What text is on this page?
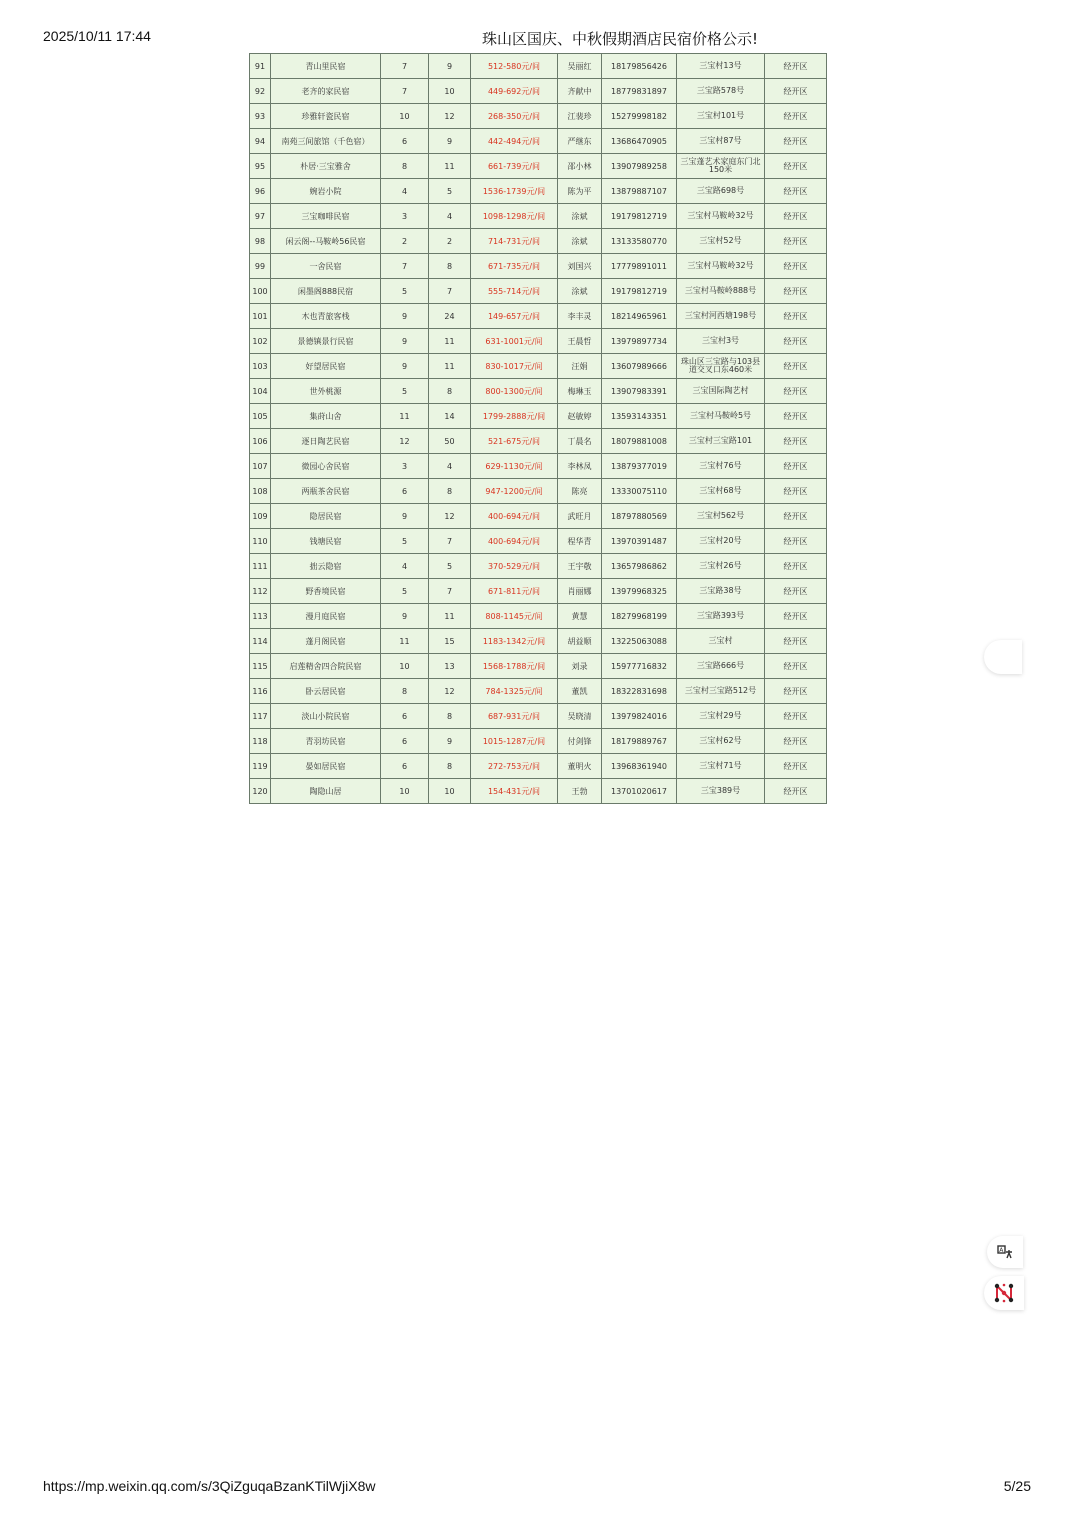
2025/10/11 17:44	珠山区国庆、中秋假期酒店民宿价格公示!
91	青山里民宿	7	9	512-580元/间	吴丽红	18179856426	三宝村13号	经开区
92	老齐的家民宿	7	10	449-692元/间	齐献中	18779831897	三宝路578号	经开区
93	珍雅轩瓷民宿	10	12	268-350元/间	江裴珍	15279998182	三宝村101号	经开区
94	南苑三间旅馆（千色宿）	6	9	442-494元/间	严继东	13686470905	三宝村87号	经开区
95	朴居·三宝雅舍	8	11	661-739元/间	邵小林	13907989258	三宝蓬艺术家庭东门北150米	经开区
96	婉岩小院	4	5	1536-1739元/间	陈为平	13879887107	三宝路698号	经开区
97	三宝咖啡民宿	3	4	1098-1298元/间	涂斌	19179812719	三宝村马鞍岭32号	经开区
98	闲云阁--马鞍岭56民宿	2	2	714-731元/间	涂斌	13133580770	三宝村52号	经开区
99	一舍民宿	7	8	671-735元/间	刘国兴	17779891011	三宝村马鞍岭32号	经开区
100	闲墨阁888民宿	5	7	555-714元/间	涂斌	19179812719	三宝村马鞍岭888号	经开区
101	木也青旅客栈	9	24	149-657元/间	李丰灵	18214965961	三宝村河西塘198号	经开区
102	景德镇景行民宿	9	11	631-1001元/间	王晨哲	13979897734	三宝村3号	经开区
103	好望居民宿	9	11	830-1017元/间	汪娟	13607989666	珠山区三宝路与103县道交叉口东460米	经开区
104	世外桃源	5	8	800-1300元/间	梅琳玉	13907983391	三宝国际陶艺村	经开区
105	集莳山舍	11	14	1799-2888元/间	赵敏婷	13593143351	三宝村马鞍岭5号	经开区
106	逐日陶艺民宿	12	50	521-675元/间	丁晨名	18079881008	三宝村三宝路101	经开区
107	微园心舍民宿	3	4	629-1130元/间	李林凤	13879377019	三宝村76号	经开区
108	两瓶茶舍民宿	6	8	947-1200元/间	陈亮	13330075110	三宝村68号	经开区
109	隐居民宿	9	12	400-694元/间	武旺月	18797880569	三宝村562号	经开区
110	钱塘民宿	5	7	400-694元/间	程华青	13970391487	三宝村20号	经开区
111	拙云隐宿	4	5	370-529元/间	王宇敬	13657986862	三宝村26号	经开区
112	野香境民宿	5	7	671-811元/间	肖丽娜	13979968325	三宝路38号	经开区
113	漫月庭民宿	9	11	808-1145元/间	黄慧	18279968199	三宝路393号	经开区
114	蓬月阁民宿	11	15	1183-1342元/间	胡益顺	13225063088	三宝村	经开区
115	启莲精舍四合院民宿	10	13	1568-1788元/间	刘录	15977716832	三宝路666号	经开区
116	卧云居民宿	8	12	784-1325元/间	董凯	18322831698	三宝村三宝路512号	经开区
117	淡山小院民宿	6	8	687-931元/间	吴晓清	13979824016	三宝村29号	经开区
118	青羽坊民宿	6	9	1015-1287元/间	付剑锋	18179889767	三宝村62号	经开区
119	晏如居民宿	6	8	272-753元/间	董明火	13968361940	三宝村71号	经开区
120	陶隐山居	10	10	154-431元/间	王勃	13701020617	三宝389号	经开区
A
https://mp.weixin.qq.com/s/3QiZguqaBzanKTilWjiX8w	5/25
